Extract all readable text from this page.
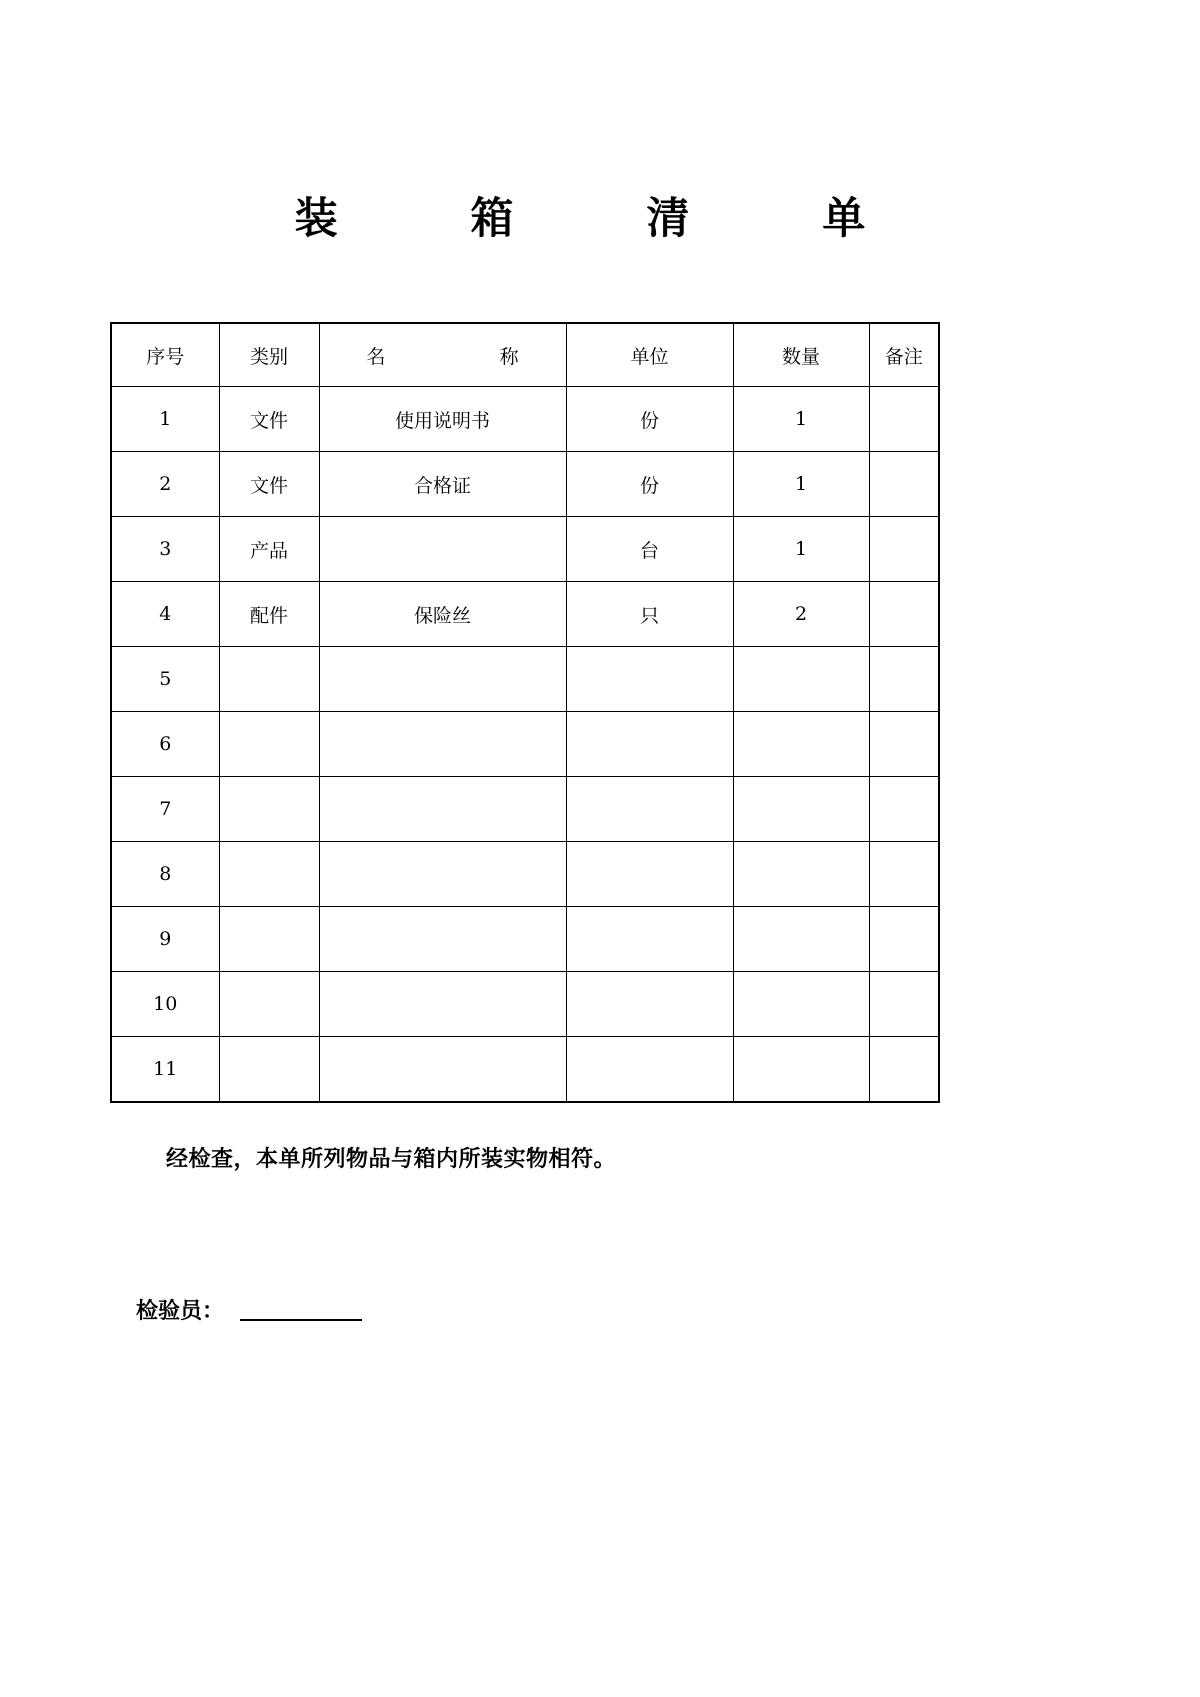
装   箱   清   单
序号	类别	名     称	单位	数量	备注
1	文件	使用说明书	份	1	
2	文件	合格证	份	1	
3	产品		台	1	
4	配件	保险丝	只	2	
5					
6					
7					
8					
9					
10					
11					
经检查，本单所列物品与箱内所装实物相符。
检验员：
